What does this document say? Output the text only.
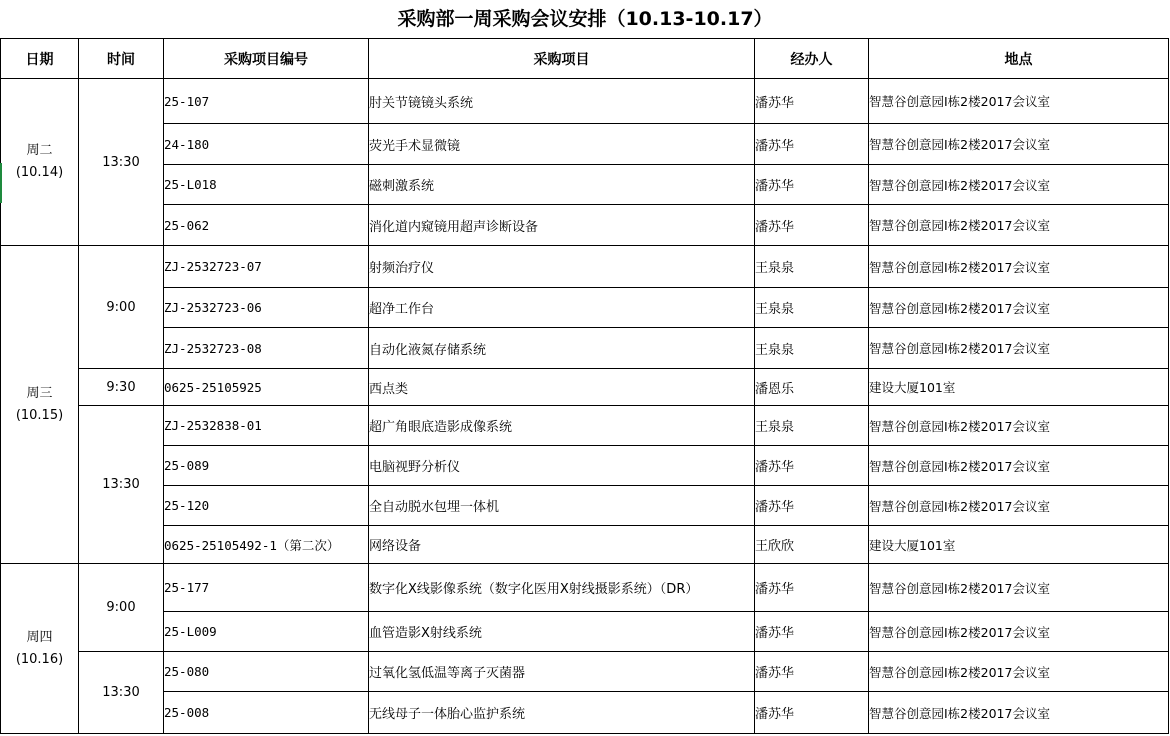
采购部一周采购会议安排（10.13-10.17）
日期	时间	采购项目编号	采购项目	经办人	地点

周二
(10.14)	13:30	25-107	肘关节镜镜头系统	潘苏华	智慧谷创意园I栋2楼2017会议室
		24-180	荧光手术显微镜	潘苏华	智慧谷创意园I栋2楼2017会议室
		25-L018	磁刺激系统	潘苏华	智慧谷创意园I栋2楼2017会议室
		25-062	消化道内窥镜用超声诊断设备	潘苏华	智慧谷创意园I栋2楼2017会议室

周三
(10.15)	9:00	ZJ-2532723-07	射频治疗仪	王泉泉	智慧谷创意园I栋2楼2017会议室
		ZJ-2532723-06	超净工作台	王泉泉	智慧谷创意园I栋2楼2017会议室
		ZJ-2532723-08	自动化液氮存储系统	王泉泉	智慧谷创意园I栋2楼2017会议室
	9:30	0625-25105925	西点类	潘恩乐	建设大厦101室
	13:30	ZJ-2532838-01	超广角眼底造影成像系统	王泉泉	智慧谷创意园I栋2楼2017会议室
		25-089	电脑视野分析仪	潘苏华	智慧谷创意园I栋2楼2017会议室
		25-120	全自动脱水包埋一体机	潘苏华	智慧谷创意园I栋2楼2017会议室
		0625-25105492-1（第二次）	网络设备	王欣欣	建设大厦101室

周四
(10.16)	9:00	25-177	数字化X线影像系统（数字化医用X射线摄影系统）（DR）	潘苏华	智慧谷创意园I栋2楼2017会议室
		25-L009	血管造影X射线系统	潘苏华	智慧谷创意园I栋2楼2017会议室
	13:30	25-080	过氧化氢低温等离子灭菌器	潘苏华	智慧谷创意园I栋2楼2017会议室
		25-008	无线母子一体胎心监护系统	潘苏华	智慧谷创意园I栋2楼2017会议室
